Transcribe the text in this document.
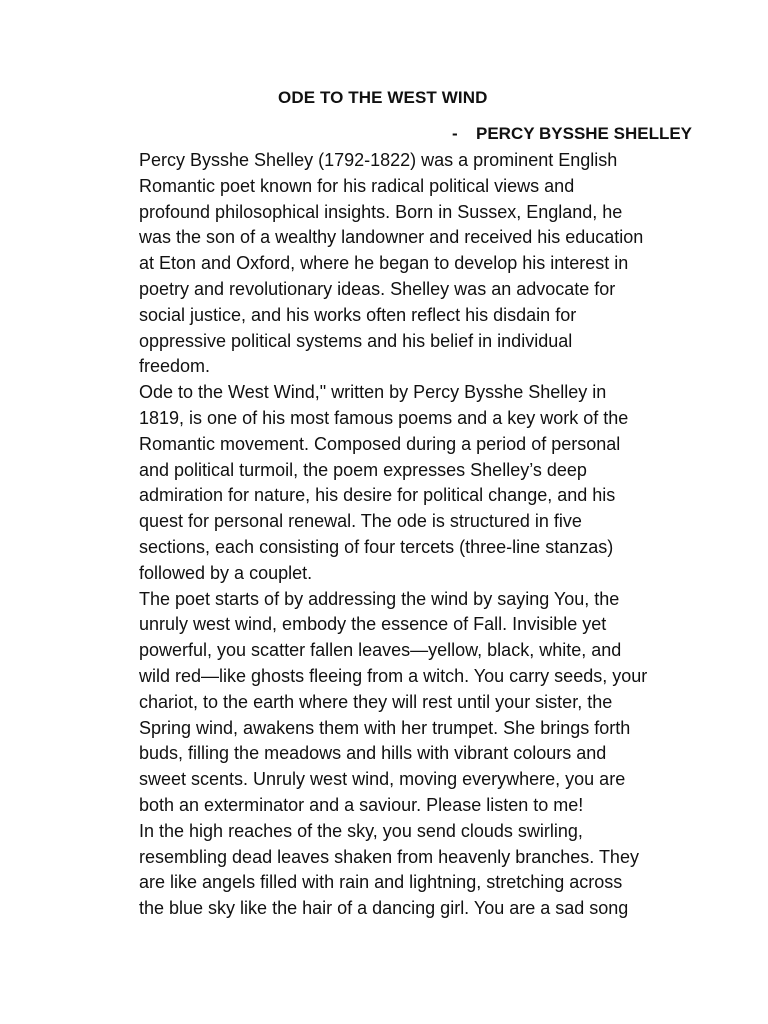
ODE TO THE WEST WIND
- PERCY BYSSHE SHELLEY
Percy Bysshe Shelley (1792-1822) was a prominent English
Romantic poet known for his radical political views and
profound philosophical insights. Born in Sussex, England, he
was the son of a wealthy landowner and received his education
at Eton and Oxford, where he began to develop his interest in
poetry and revolutionary ideas. Shelley was an advocate for
social justice, and his works often reflect his disdain for
oppressive political systems and his belief in individual
freedom.
Ode to the West Wind," written by Percy Bysshe Shelley in
1819, is one of his most famous poems and a key work of the
Romantic movement. Composed during a period of personal
and political turmoil, the poem expresses Shelley’s deep
admiration for nature, his desire for political change, and his
quest for personal renewal. The ode is structured in five
sections, each consisting of four tercets (three-line stanzas)
followed by a couplet.
The poet starts of by addressing the wind by saying You, the
unruly west wind, embody the essence of Fall. Invisible yet
powerful, you scatter fallen leaves—yellow, black, white, and
wild red—like ghosts fleeing from a witch. You carry seeds, your
chariot, to the earth where they will rest until your sister, the
Spring wind, awakens them with her trumpet. She brings forth
buds, filling the meadows and hills with vibrant colours and
sweet scents. Unruly west wind, moving everywhere, you are
both an exterminator and a saviour. Please listen to me!
In the high reaches of the sky, you send clouds swirling,
resembling dead leaves shaken from heavenly branches. They
are like angels filled with rain and lightning, stretching across
the blue sky like the hair of a dancing girl. You are a sad song
